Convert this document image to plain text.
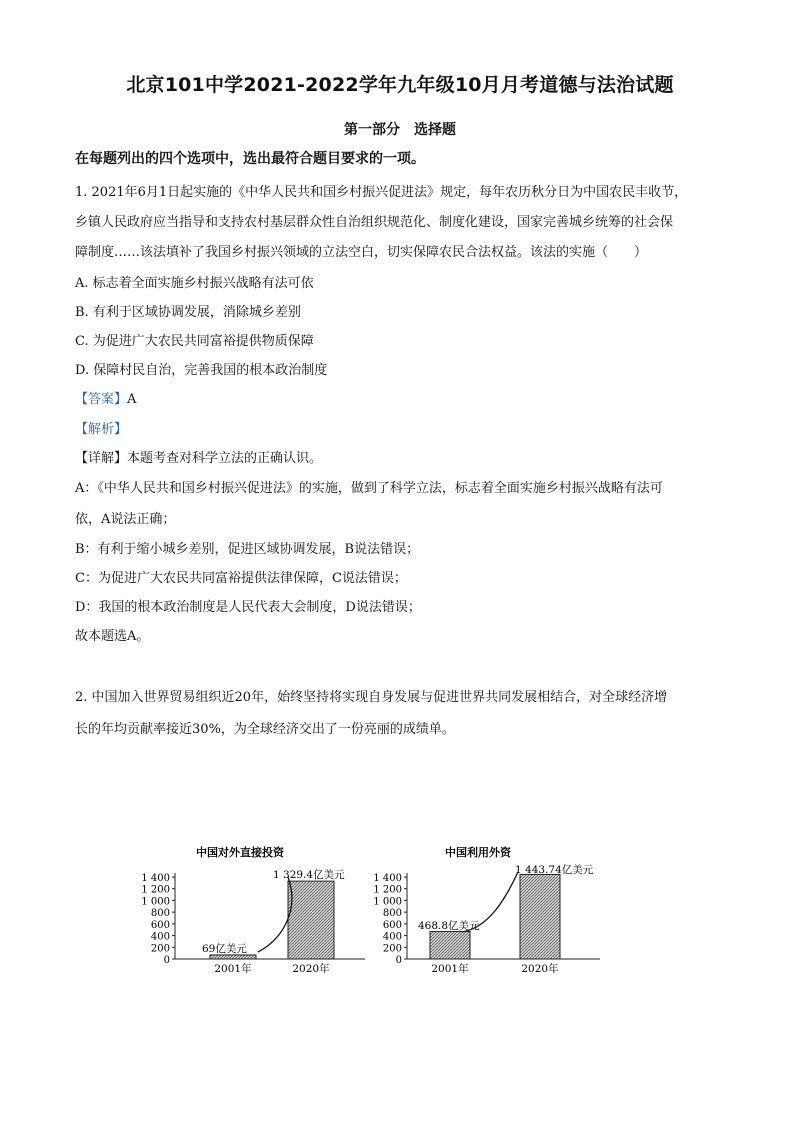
北京101中学2021-2022学年九年级10月月考道德与法治试题
第一部分　选择题
在每题列出的四个选项中，选出最符合题目要求的一项。
1. 2021年6月1日起实施的《中华人民共和国乡村振兴促进法》规定，每年农历秋分日为中国农民丰收节，
乡镇人民政府应当指导和支持农村基层群众性自治组织规范化、制度化建设，国家完善城乡统筹的社会保
障制度……该法填补了我国乡村振兴领域的立法空白，切实保障农民合法权益。该法的实施（　　）
A. 标志着全面实施乡村振兴战略有法可依
B. 有利于区域协调发展，消除城乡差别
C. 为促进广大农民共同富裕提供物质保障
D. 保障村民自治，完善我国的根本政治制度
【答案】A
【解析】
【详解】本题考查对科学立法的正确认识。
A：《中华人民共和国乡村振兴促进法》的实施，做到了科学立法，标志着全面实施乡村振兴战略有法可
依，A说法正确；
B：有利于缩小城乡差别，促进区域协调发展，B说法错误；
C：为促进广大农民共同富裕提供法律保障，C说法错误；
D：我国的根本政治制度是人民代表大会制度，D说法错误；
故本题选A。
2. 中国加入世界贸易组织近20年，始终坚持将实现自身发展与促进世界共同发展相结合，对全球经济增
长的年均贡献率接近30%，为全球经济交出了一份亮丽的成绩单。
中国对外直接投资
0
200
400
600
800
1 000
1 200
1 400
2001年
69亿美元
2020年
1 329.4亿美元
中国利用外资
0
200
400
600
800
1 000
1 200
1 400
2001年
468.8亿美元
2020年
1 443.74亿美元
